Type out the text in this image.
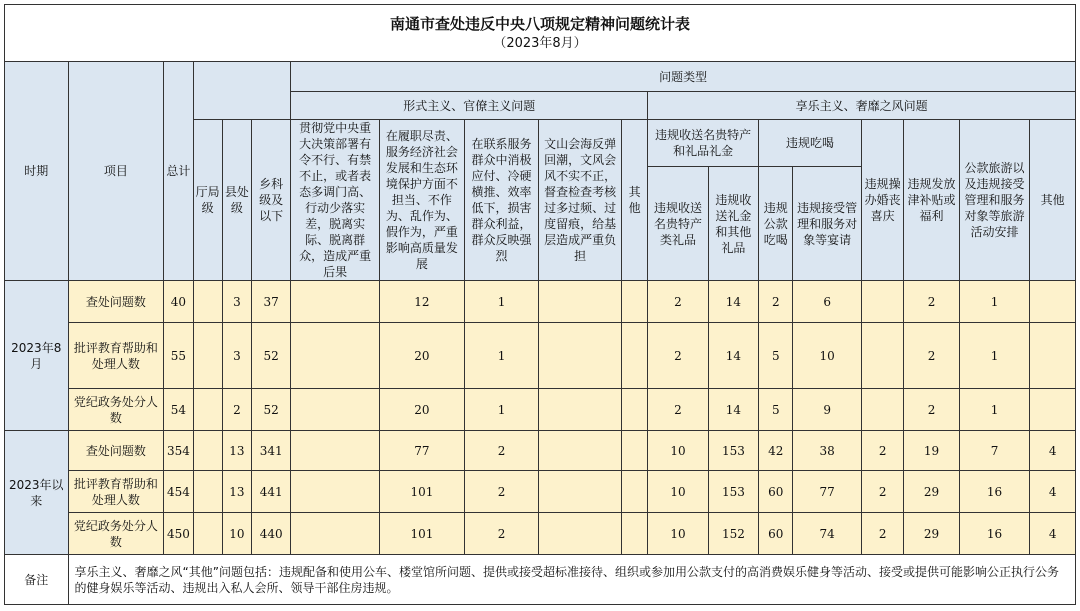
南通市查处违反中央八项规定精神问题统计表
（2023年8月）																		

时期	项目	总计				问题类型												
						形式主义、官僚主义问题					享乐主义、奢靡之风问题							
			厅局级	县处级	乡科级及以下	贯彻党中央重大决策部署有令不行、有禁不止，或者表态多调门高、行动少落实差，脱离实际、脱离群众，造成严重后果	在履职尽责、服务经济社会发展和生态环境保护方面不担当、不作为、乱作为、假作为，严重影响高质量发展	在联系服务群众中消极应付、冷硬横推、效率低下，损害群众利益，群众反映强烈	文山会海反弹回潮，文风会风不实不正，督查检查考核过多过频、过度留痕，给基层造成严重负担	其他	违规收送名贵特产和礼品礼金		违规吃喝		违规操办婚丧喜庆	违规发放津补贴或福利	公款旅游以及违规接受管理和服务对象等旅游活动安排	其他
											违规收送名贵特产类礼品	违规收送礼金和其他礼品	违规公款吃喝	违规接受管理和服务对象等宴请				
2023年8月	查处问题数	40		3	37		12	1			2	14	2	6		2	1	
	批评教育帮助和处理人数	55		3	52		20	1			2	14	5	10		2	1	
	党纪政务处分人数	54		2	52		20	1			2	14	5	9		2	1	
2023年以来	查处问题数	354		13	341		77	2			10	153	42	38	2	19	7	4
	批评教育帮助和处理人数	454		13	441		101	2			10	153	60	77	2	29	16	4
	党纪政务处分人数	450		10	440		101	2			10	152	60	74	2	29	16	4
备注	享乐主义、奢靡之风“其他”问题包括：违规配备和使用公车、楼堂馆所问题、提供或接受超标准接待、组织或参加用公款支付的高消费娱乐健身等活动、接受或提供可能影响公正执行公务的健身娱乐等活动、违规出入私人会所、领导干部住房违规。																	
